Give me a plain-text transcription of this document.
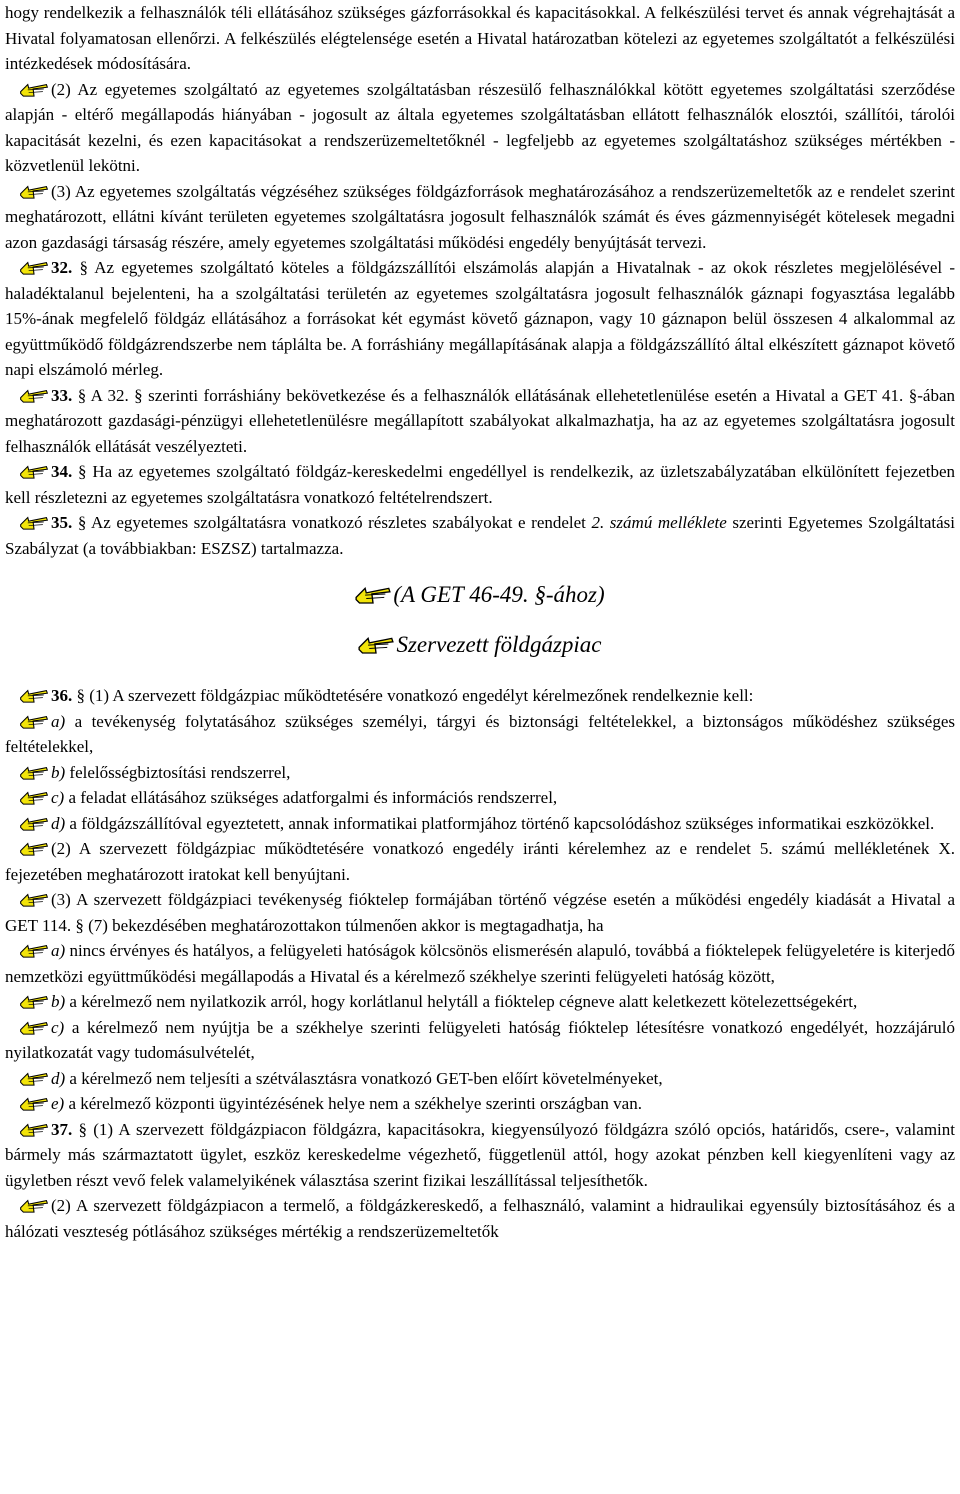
hogy rendelkezik a felhasználók téli ellátásához szükséges gázforrásokkal és kapacitásokkal. A felkészülési tervet és annak végrehajtását a Hivatal folyamatosan ellenőrzi. A felkészülés elégtelensége esetén a Hivatal határozatban kötelezi az egyetemes szolgáltatót a felkészülési intézkedések módosítására.

(2) Az egyetemes szolgáltató az egyetemes szolgáltatásban részesülő felhasználókkal kötött egyetemes szolgáltatási szerződése alapján - eltérő megállapodás hiányában - jogosult az általa egyetemes szolgáltatásban ellátott felhasználók elosztói, szállítói, tárolói kapacitását kezelni, és ezen kapacitásokat a rendszerüzemeltetőknél - legfeljebb az egyetemes szolgáltatáshoz szükséges mértékben - közvetlenül lekötni.

(3) Az egyetemes szolgáltatás végzéséhez szükséges földgázforrások meghatározásához a rendszerüzemeltetők az e rendelet szerint meghatározott, ellátni kívánt területen egyetemes szolgáltatásra jogosult felhasználók számát és éves gázmennyiségét kötelesek megadni azon gazdasági társaság részére, amely egyetemes szolgáltatási működési engedély benyújtását tervezi.

32. § Az egyetemes szolgáltató köteles a földgázszállítói elszámolás alapján a Hivatalnak - az okok részletes megjelölésével - haladéktalanul bejelenteni, ha a szolgáltatási területén az egyetemes szolgáltatásra jogosult felhasználók gáznapi fogyasztása legalább 15%-ának megfelelő földgáz ellátásához a forrásokat két egymást követő gáznapon, vagy 10 gáznapon belül összesen 4 alkalommal az együttműködő földgázrendszerbe nem táplálta be. A forráshiány megállapításának alapja a földgázszállító által elkészített gáznapot követő napi elszámoló mérleg.

33. § A 32. § szerinti forráshiány bekövetkezése és a felhasználók ellátásának ellehetetlenülése esetén a Hivatal a GET 41. §-ában meghatározott gazdasági-pénzügyi ellehetetlenülésre megállapított szabályokat alkalmazhatja, ha az az egyetemes szolgáltatásra jogosult felhasználók ellátását veszélyezteti.

34. § Ha az egyetemes szolgáltató földgáz-kereskedelmi engedéllyel is rendelkezik, az üzletszabályzatában elkülönített fejezetben kell részletezni az egyetemes szolgáltatásra vonatkozó feltételrendszert.

35. § Az egyetemes szolgáltatásra vonatkozó részletes szabályokat e rendelet 2. számú melléklete szerinti Egyetemes Szolgáltatási Szabályzat (a továbbiakban: ESZSZ) tartalmazza.

(A GET 46-49. §-ához)

Szervezett földgázpiac

36. § (1) A szervezett földgázpiac működtetésére vonatkozó engedélyt kérelmezőnek rendelkeznie kell:

a) a tevékenység folytatásához szükséges személyi, tárgyi és biztonsági feltételekkel, a biztonságos működéshez szükséges feltételekkel,

b) felelősségbiztosítási rendszerrel,

c) a feladat ellátásához szükséges adatforgalmi és információs rendszerrel,

d) a földgázszállítóval egyeztetett, annak informatikai platformjához történő kapcsolódáshoz szükséges informatikai eszközökkel.

(2) A szervezett földgázpiac működtetésére vonatkozó engedély iránti kérelemhez az e rendelet 5. számú mellékletének X. fejezetében meghatározott iratokat kell benyújtani.

(3) A szervezett földgázpiaci tevékenység fióktelep formájában történő végzése esetén a működési engedély kiadását a Hivatal a GET 114. § (7) bekezdésében meghatározottakon túlmenően akkor is megtagadhatja, ha

a) nincs érvényes és hatályos, a felügyeleti hatóságok kölcsönös elismerésén alapuló, továbbá a fióktelepek felügyeletére is kiterjedő nemzetközi együttműködési megállapodás a Hivatal és a kérelmező székhelye szerinti felügyeleti hatóság között,

b) a kérelmező nem nyilatkozik arról, hogy korlátlanul helytáll a fióktelep cégneve alatt keletkezett kötelezettségekért,

c) a kérelmező nem nyújtja be a székhelye szerinti felügyeleti hatóság fióktelep létesítésre vonatkozó engedélyét, hozzájáruló nyilatkozatát vagy tudomásulvételét,

d) a kérelmező nem teljesíti a szétválasztásra vonatkozó GET-ben előírt követelményeket,

e) a kérelmező központi ügyintézésének helye nem a székhelye szerinti országban van.

37. § (1) A szervezett földgázpiacon földgázra, kapacitásokra, kiegyensúlyozó földgázra szóló opciós, határidős, csere-, valamint bármely más származtatott ügylet, eszköz kereskedelme végezhető, függetlenül attól, hogy azokat pénzben kell kiegyenlíteni vagy az ügyletben részt vevő felek valamelyikének választása szerint fizikai leszállítással teljesíthetők.

(2) A szervezett földgázpiacon a termelő, a földgázkereskedő, a felhasználó, valamint a hidraulikai egyensúly biztosításához és a hálózati veszteség pótlásához szükséges mértékig a rendszerüzemeltetők
